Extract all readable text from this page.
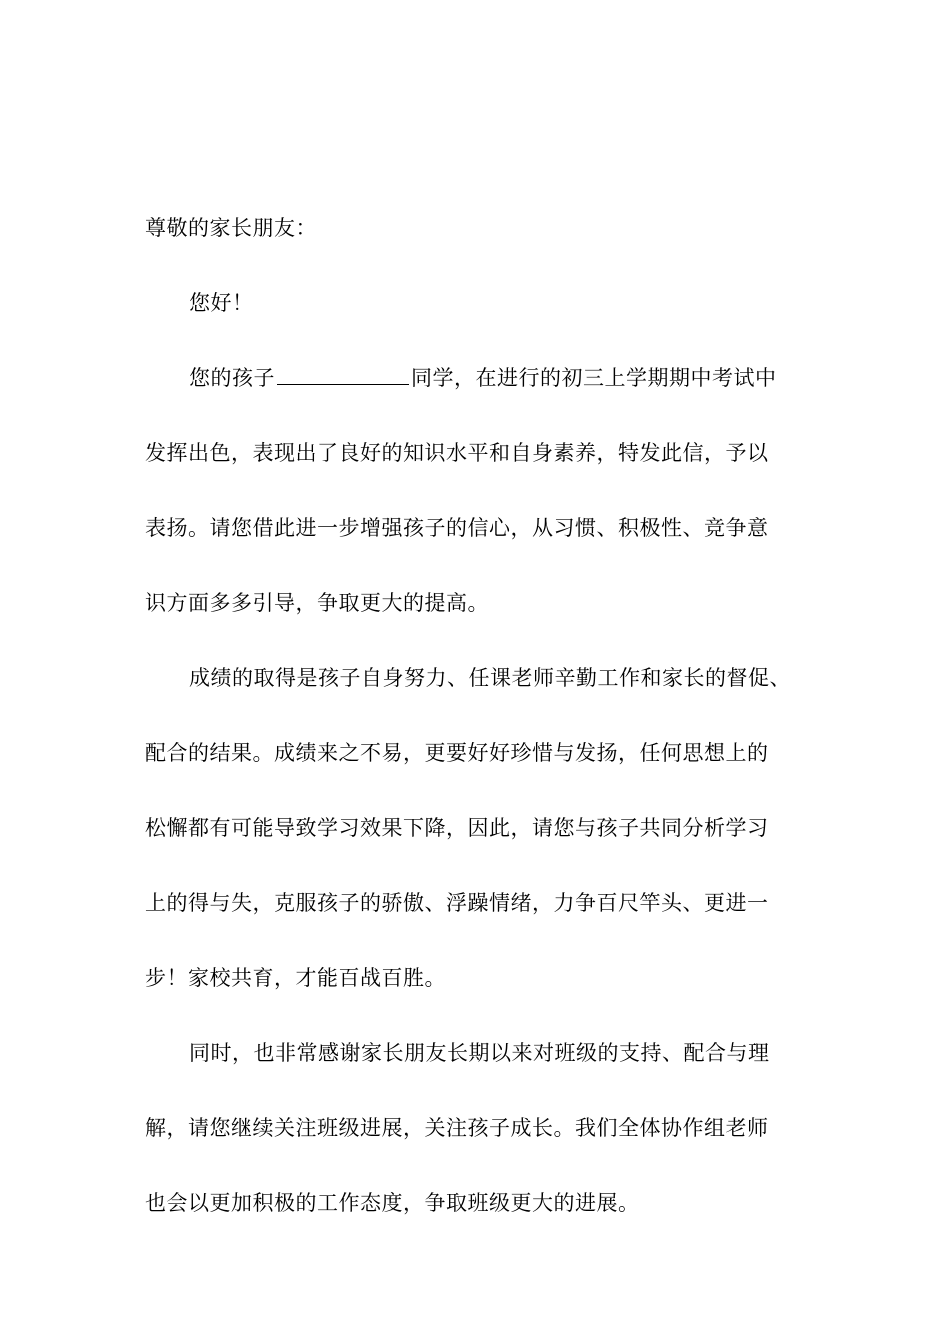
尊敬的家长朋友：
您好！
您的孩子	同学，在进行的初三上学期期中考试中
发挥出色，表现出了良好的知识水平和自身素养，特发此信，予以
表扬。请您借此进一步增强孩子的信心，从习惯、积极性、竞争意
识方面多多引导，争取更大的提高。
成绩的取得是孩子自身努力、任课老师辛勤工作和家长的督促、
配合的结果。成绩来之不易，更要好好珍惜与发扬，任何思想上的
松懈都有可能导致学习效果下降，因此，请您与孩子共同分析学习
上的得与失，克服孩子的骄傲、浮躁情绪，力争百尺竿头、更进一
步！家校共育，才能百战百胜。
同时，也非常感谢家长朋友长期以来对班级的支持、配合与理
解，请您继续关注班级进展，关注孩子成长。我们全体协作组老师
也会以更加积极的工作态度，争取班级更大的进展。
